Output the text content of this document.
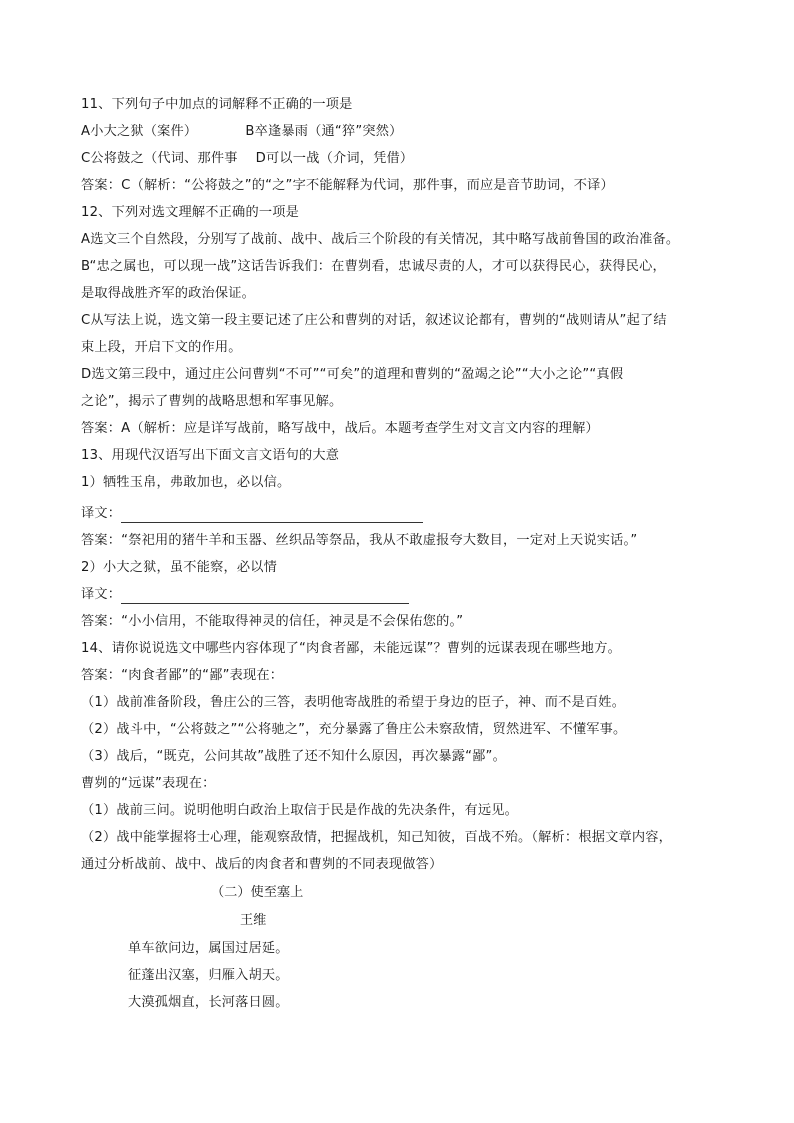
11、下列句子中加点的词解释不正确的一项是
A小大之狱（案件）	B卒逢暴雨（通“猝”突然）
C公将鼓之（代词、那件事 D可以一战（介词，凭借）
答案：C（解析：“公将鼓之”的“之”字不能解释为代词，那件事，而应是音节助词，不译）
12、下列对选文理解不正确的一项是
A选文三个自然段，分别写了战前、战中、战后三个阶段的有关情况，其中略写战前鲁国的政治准备。
B“忠之属也，可以现一战”这话告诉我们：在曹刿看，忠诚尽责的人，才可以获得民心，获得民心，
是取得战胜齐军的政治保证。
C从写法上说，选文第一段主要记述了庄公和曹刿的对话，叙述议论都有，曹刿的“战则请从”起了结
束上段，开启下文的作用。
D选文第三段中，通过庄公问曹刿“不可”“可矣”的道理和曹刿的“盈竭之论”“大小之论”“真假
之论”，揭示了曹刿的战略思想和军事见解。
答案：A（解析：应是详写战前，略写战中，战后。本题考查学生对文言文内容的理解）
13、用现代汉语写出下面文言文语句的大意
1）牺牲玉帛，弗敢加也，必以信。
译文：
答案：“祭祀用的猪牛羊和玉器、丝织品等祭品，我从不敢虚报夸大数目，一定对上天说实话。”
2）小大之狱，虽不能察，必以情
译文：
答案：“小小信用，不能取得神灵的信任，神灵是不会保佑您的。”
14、请你说说选文中哪些内容体现了“肉食者鄙，未能远谋”？曹刿的远谋表现在哪些地方。
答案：“肉食者鄙”的“鄙”表现在：
（1）战前准备阶段，鲁庄公的三答，表明他寄战胜的希望于身边的臣子，神、而不是百姓。
（2）战斗中，“公将鼓之”“公将驰之”，充分暴露了鲁庄公未察敌情，贸然进军、不懂军事。
（3）战后，“既克，公问其故”战胜了还不知什么原因，再次暴露“鄙”。
曹刿的“远谋”表现在：
（1）战前三问。说明他明白政治上取信于民是作战的先决条件，有远见。
（2）战中能掌握将士心理，能观察敌情，把握战机，知己知彼，百战不殆。（解析：根据文章内容，
通过分析战前、战中、战后的肉食者和曹刿的不同表现做答）
（二）使至塞上
王维
单车欲问边，属国过居延。
征蓬出汉塞，归雁入胡天。
大漠孤烟直，长河落日圆。
